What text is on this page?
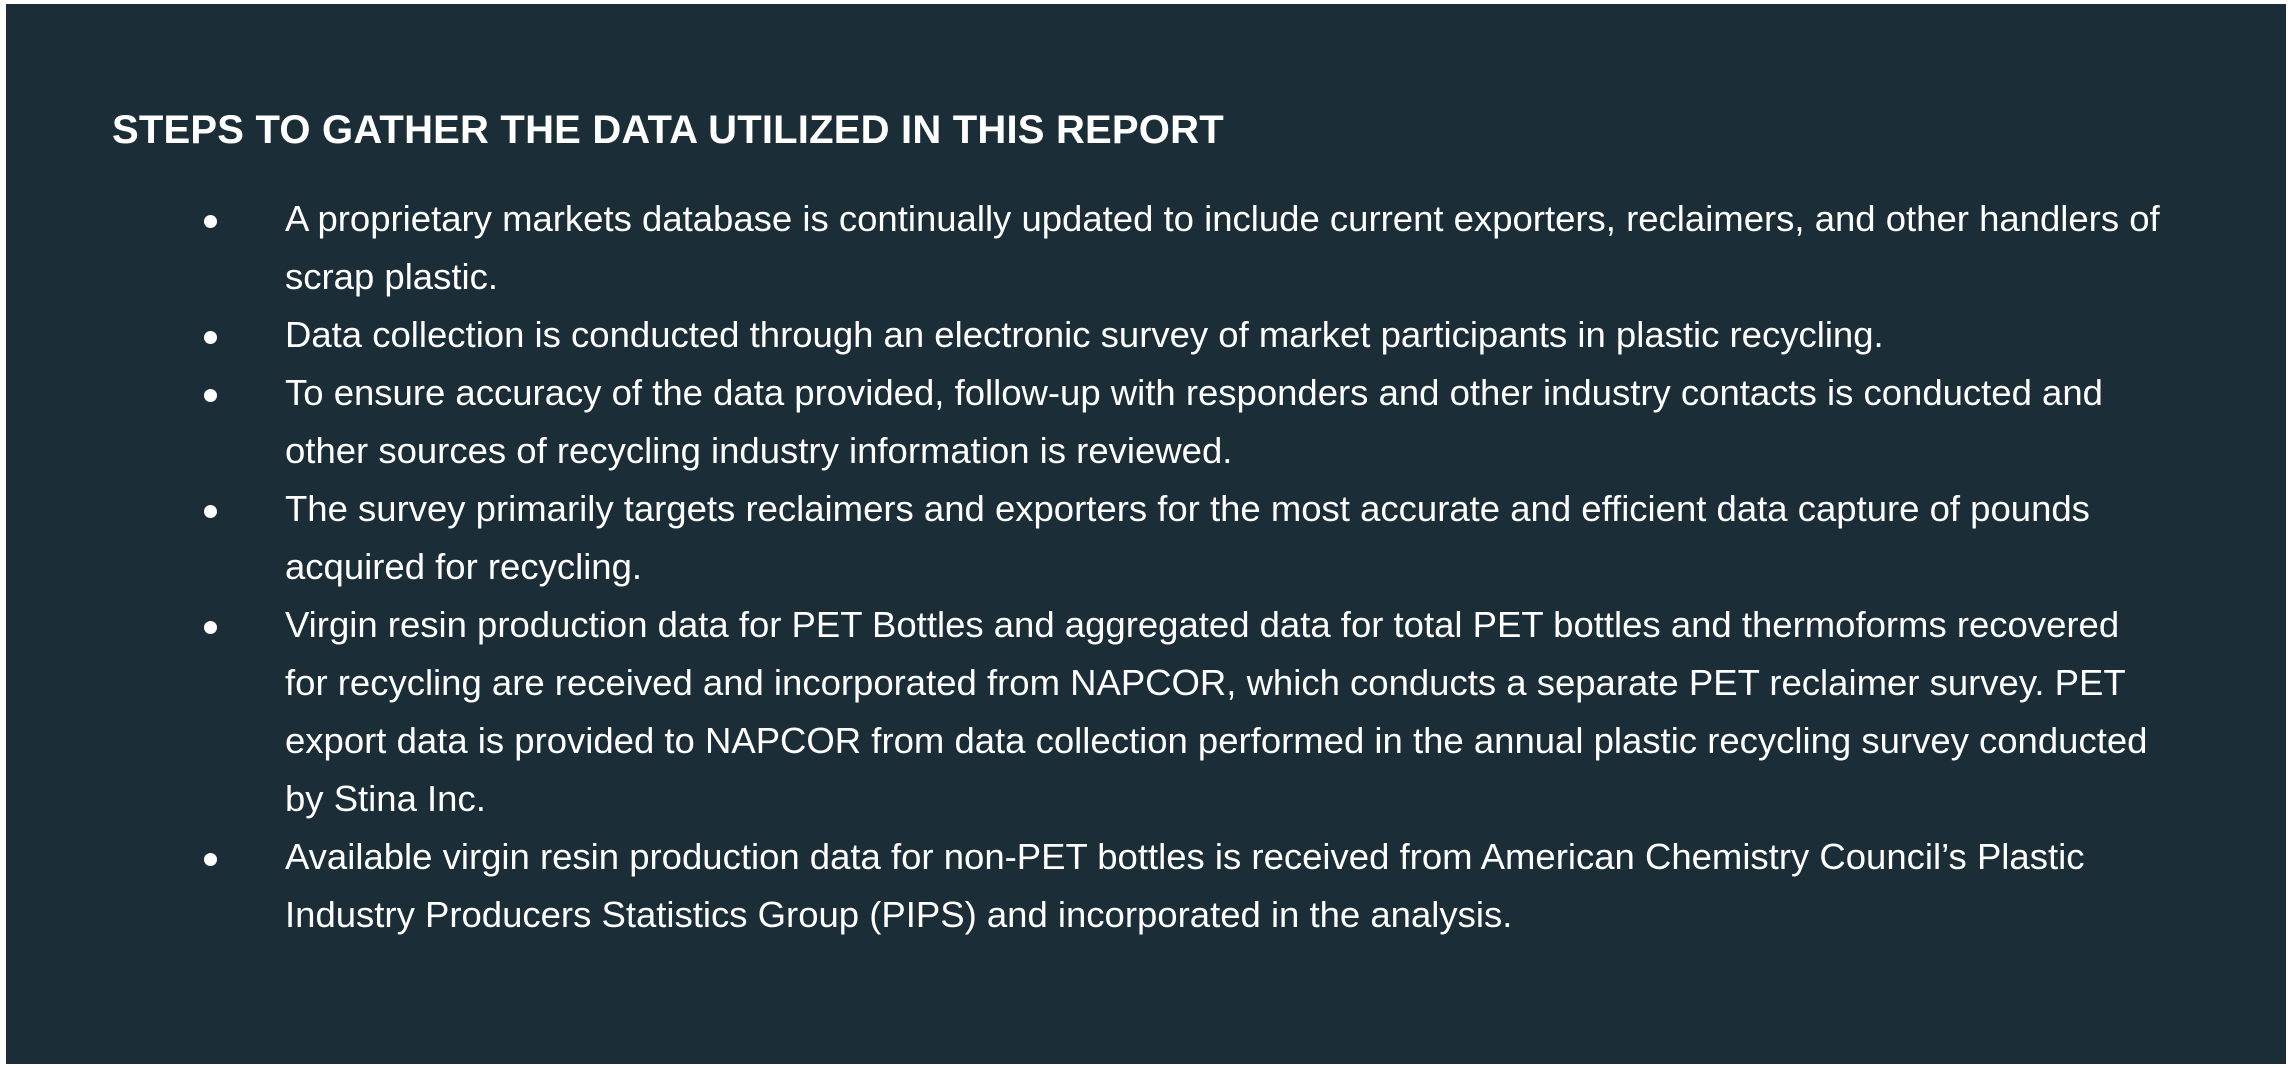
STEPS TO GATHER THE DATA UTILIZED IN THIS REPORT
A proprietary markets database is continually updated to include current exporters, reclaimers, and other handlers of scrap plastic.
Data collection is conducted through an electronic survey of market participants in plastic recycling.
To ensure accuracy of the data provided, follow-up with responders and other industry contacts is conducted and other sources of recycling industry information is reviewed.
The survey primarily targets reclaimers and exporters for the most accurate and efficient data capture of pounds acquired for recycling.
Virgin resin production data for PET Bottles and aggregated data for total PET bottles and thermoforms recovered for recycling are received and incorporated from NAPCOR, which conducts a separate PET reclaimer survey. PET export data is provided to NAPCOR from data collection performed in the annual plastic recycling survey conducted by Stina Inc.
Available virgin resin production data for non-PET bottles is received from American Chemistry Council’s Plastic Industry Producers Statistics Group (PIPS) and incorporated in the analysis.
